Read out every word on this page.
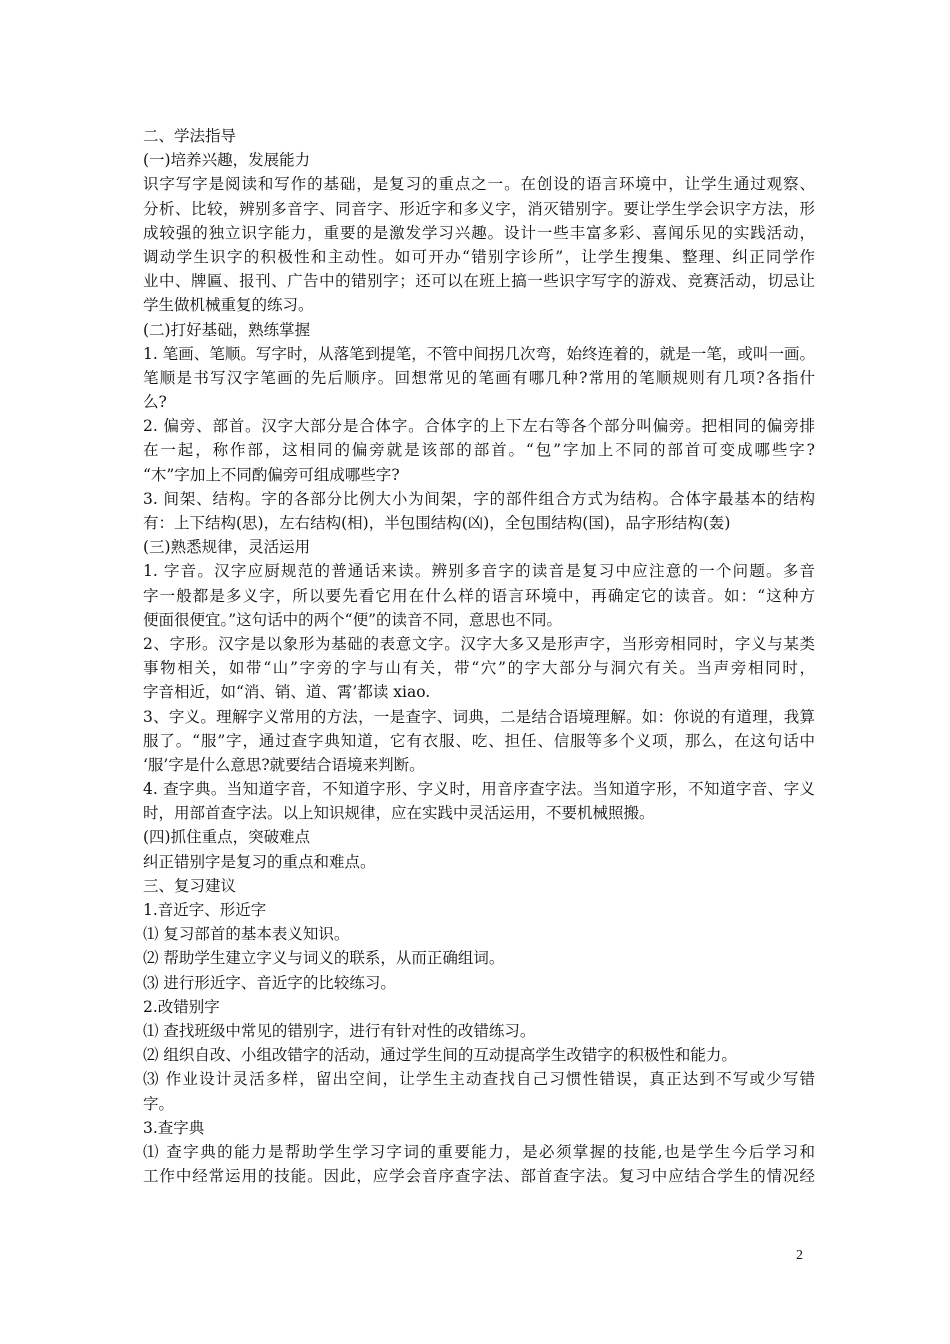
二、学法指导
(一)培养兴趣，发展能力
识字写字是阅读和写作的基础，是复习的重点之一。在创设的语言环境中，让学生通过观察、
分析、比较，辨别多音字、同音字、形近字和多义字，消灭错别字。要让学生学会识字方法，形
成较强的独立识字能力，重要的是激发学习兴趣。设计一些丰富多彩、喜闻乐见的实践活动，
调动学生识字的积极性和主动性。如可开办“错别字诊所”，让学生搜集、整理、纠正同学作
业中、牌匾、报刊、广告中的错别字；还可以在班上搞一些识字写字的游戏、竞赛活动，切忌让
学生做机械重复的练习。
(二)打好基础，熟练掌握
1. 笔画、笔顺。写字时，从落笔到提笔，不管中间拐几次弯，始终连着的，就是一笔，或叫一画。
笔顺是书写汉字笔画的先后顺序。回想常见的笔画有哪几种?常用的笔顺规则有几项?各指什
么?
2. 偏旁、部首。汉字大部分是合体字。合体字的上下左右等各个部分叫偏旁。把相同的偏旁排
在一起，称作部，这相同的偏旁就是该部的部首。“包”字加上不同的部首可变成哪些字?
“木”字加上不同酌偏旁可组成哪些字?
3. 间架、结构。字的各部分比例大小为间架，字的部件组合方式为结构。合体字最基本的结构
有：上下结构(思)，左右结构(相)，半包围结构(凶)，全包围结构(国)，品字形结构(轰)
(三)熟悉规律，灵活运用
1. 字音。汉字应厨规范的普通话来读。辨别多音字的读音是复习中应注意的一个问题。多音
字一般都是多义字，所以要先看它用在什么样的语言环境中，再确定它的读音。如：“这种方
便面很便宜。”这句话中的两个“便”的读音不同，意思也不同。
2、字形。汉字是以象形为基础的表意文字。汉字大多又是形声字，当形旁相同时，字义与某类
事物相关，如带“山”字旁的字与山有关，带“穴”的字大部分与洞穴有关。当声旁相同时，
字音相近，如“消、销、道、霄’都读 xiao.
3、字义。理解字义常用的方法，一是查字、词典，二是结合语境理解。如：你说的有道理，我算
服了。“服”字，通过查字典知道，它有衣服、吃、担任、信服等多个义项，那么，在这句话中
‘服’字是什么意思?就要结合语境来判断。
4. 查字典。当知道字音，不知道字形、字义时，用音序查字法。当知道字形，不知道字音、字义
时，用部首查字法。以上知识规律，应在实践中灵活运用，不要机械照搬。
(四)抓住重点，突破难点
纠正错别字是复习的重点和难点。
三、复习建议
1.音近字、形近字
⑴ 复习部首的基本表义知识。
⑵ 帮助学生建立字义与词义的联系，从而正确组词。
⑶ 进行形近字、音近字的比较练习。
2.改错别字
⑴ 查找班级中常见的错别字，进行有针对性的改错练习。
⑵ 组织自改、小组改错字的活动，通过学生间的互动提高学生改错字的积极性和能力。
⑶ 作业设计灵活多样，留出空间，让学生主动查找自己习惯性错误，真正达到不写或少写错
字。
3.查字典
⑴ 查字典的能力是帮助学生学习字词的重要能力，是必须掌握的技能,也是学生今后学习和
工作中经常运用的技能。因此，应学会音序查字法、部首查字法。复习中应结合学生的情况经
2
